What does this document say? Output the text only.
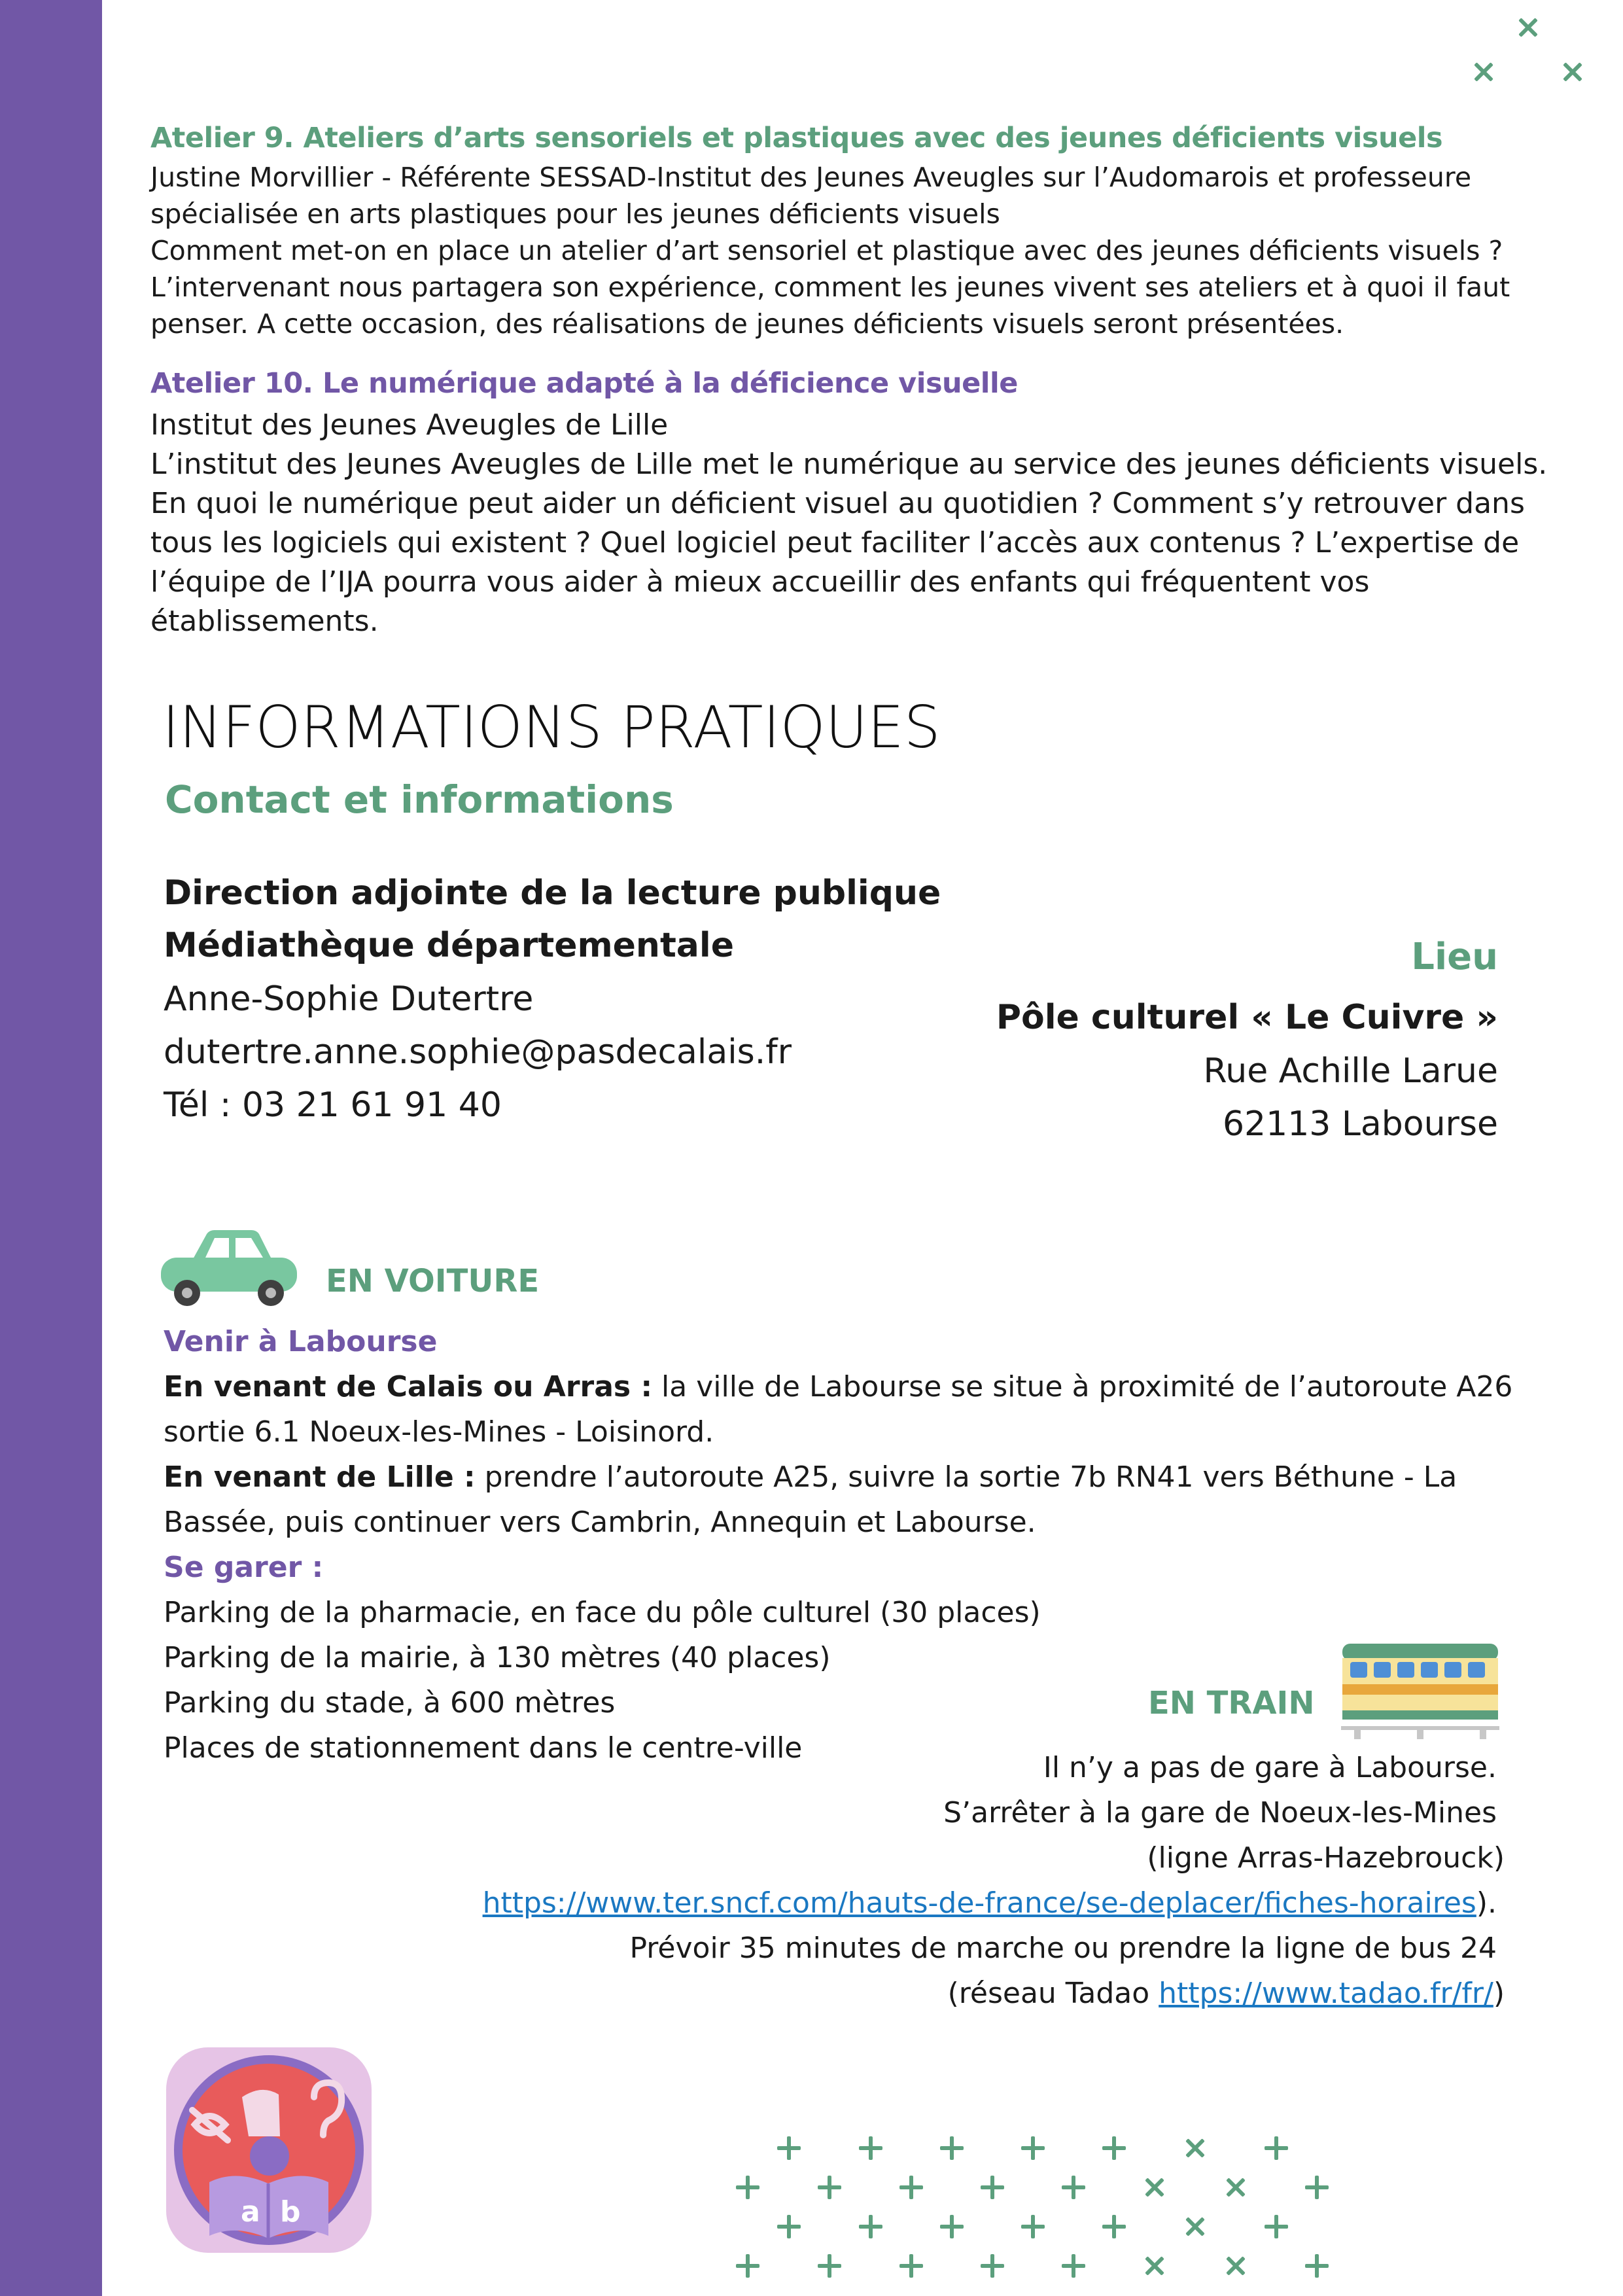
Atelier 9. Ateliers d’arts sensoriels et plastiques avec des jeunes déficients visuels

Justine Morvillier - Référente SESSAD-Institut des Jeunes Aveugles sur l’Audomarois et professeure spécialisée en arts plastiques pour les jeunes déficients visuels

Comment met-on en place un atelier d’art sensoriel et plastique avec des jeunes déficients visuels ? L’intervenant nous partagera son expérience, comment les jeunes vivent ses ateliers et à quoi il faut penser. A cette occasion, des réalisations de jeunes déficients visuels seront présentées.

Atelier 10. Le numérique adapté à la déficience visuelle

Institut des Jeunes Aveugles de Lille

L’institut des Jeunes Aveugles de Lille met le numérique au service des jeunes déficients visuels. En quoi le numérique peut aider un déficient visuel au quotidien ? Comment s’y retrouver dans tous les logiciels qui existent ? Quel logiciel peut faciliter l’accès aux contenus ? L’expertise de l’équipe de l’IJA pourra vous aider à mieux accueillir des enfants qui fréquentent vos établissements.

INFORMATIONS PRATIQUES
Contact et informations
Direction adjointe de la lecture publique
Médiathèque départementale
Anne-Sophie Dutertre
dutertre.anne.sophie@pasdecalais.fr
Tél : 03 21 61 91 40
Lieu
Pôle culturel « Le Cuivre »
Rue Achille Larue
62113 Labourse
EN VOITURE
Venir à Labourse
En venant de Calais ou Arras : la ville de Labourse se situe à proximité de l’autoroute A26 sortie 6.1 Noeux-les-Mines - Loisinord.
En venant de Lille : prendre l’autoroute A25, suivre la sortie 7b RN41 vers Béthune - La Bassée, puis continuer vers Cambrin, Annequin et Labourse.
Se garer :
Parking de la pharmacie, en face du pôle culturel (30 places)
Parking de la mairie, à 130 mètres (40 places)
Parking du stade, à 600 mètres
Places de stationnement dans le centre-ville
EN TRAIN
Il n’y a pas de gare à Labourse.
S’arrêter à la gare de Noeux-les-Mines
(ligne Arras-Hazebrouck)
https://www.ter.sncf.com/hauts-de-france/se-deplacer/fiches-horaires).
Prévoir 35 minutes de marche ou prendre la ligne de bus 24
(réseau Tadao https://www.tadao.fr/fr/)
a b
